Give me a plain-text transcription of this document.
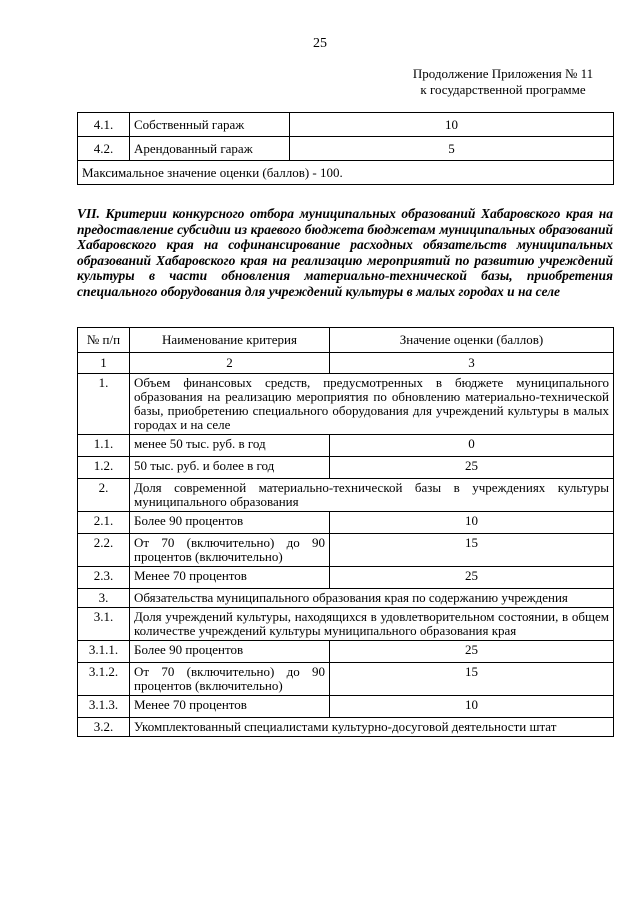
25
Продолжение Приложения № 11
к государственной программе
4.1.	Собственный гараж	10
4.2.	Арендованный гараж	5
Максимальное значение оценки (баллов) - 100.		
VII. Критерии конкурсного отбора муниципальных образований Хабаровского края на предоставление субсидии из краевого бюджета бюджетам муниципальных образований Хабаровского края на софинансирование расходных обязательств муниципальных образований Хабаровского края на реализацию мероприятий по развитию учреждений культуры в части обновления материально-технической базы, приобретения специального оборудования для учреждений культуры в малых городах и на селе
№ п/п	Наименование критерия	Значение оценки (баллов)
1	2	3
1.	Объем финансовых средств, предусмотренных в бюджете муниципального образования на реализацию мероприятия по обновлению материально-технической базы, приобретению специального оборудования для учреждений культуры в малых городах и на селе	
1.1.	менее 50 тыс. руб. в год	0
1.2.	50 тыс. руб. и более в год	25
2.	Доля современной материально-технической базы в учреждениях культуры муниципального образования	
2.1.	Более 90 процентов	10
2.2.	От 70 (включительно) до 90 процентов (включительно)	15
2.3.	Менее 70 процентов	25
3.	Обязательства муниципального образования края по содержанию учреждения	
3.1.	Доля учреждений культуры, находящихся в удовлетворительном состоянии, в общем количестве учреждений культуры муниципального образования края	
3.1.1.	Более 90 процентов	25
3.1.2.	От 70 (включительно) до 90 процентов (включительно)	15
3.1.3.	Менее 70 процентов	10
3.2.	Укомплектованный специалистами культурно-досуговой деятельности штат	
